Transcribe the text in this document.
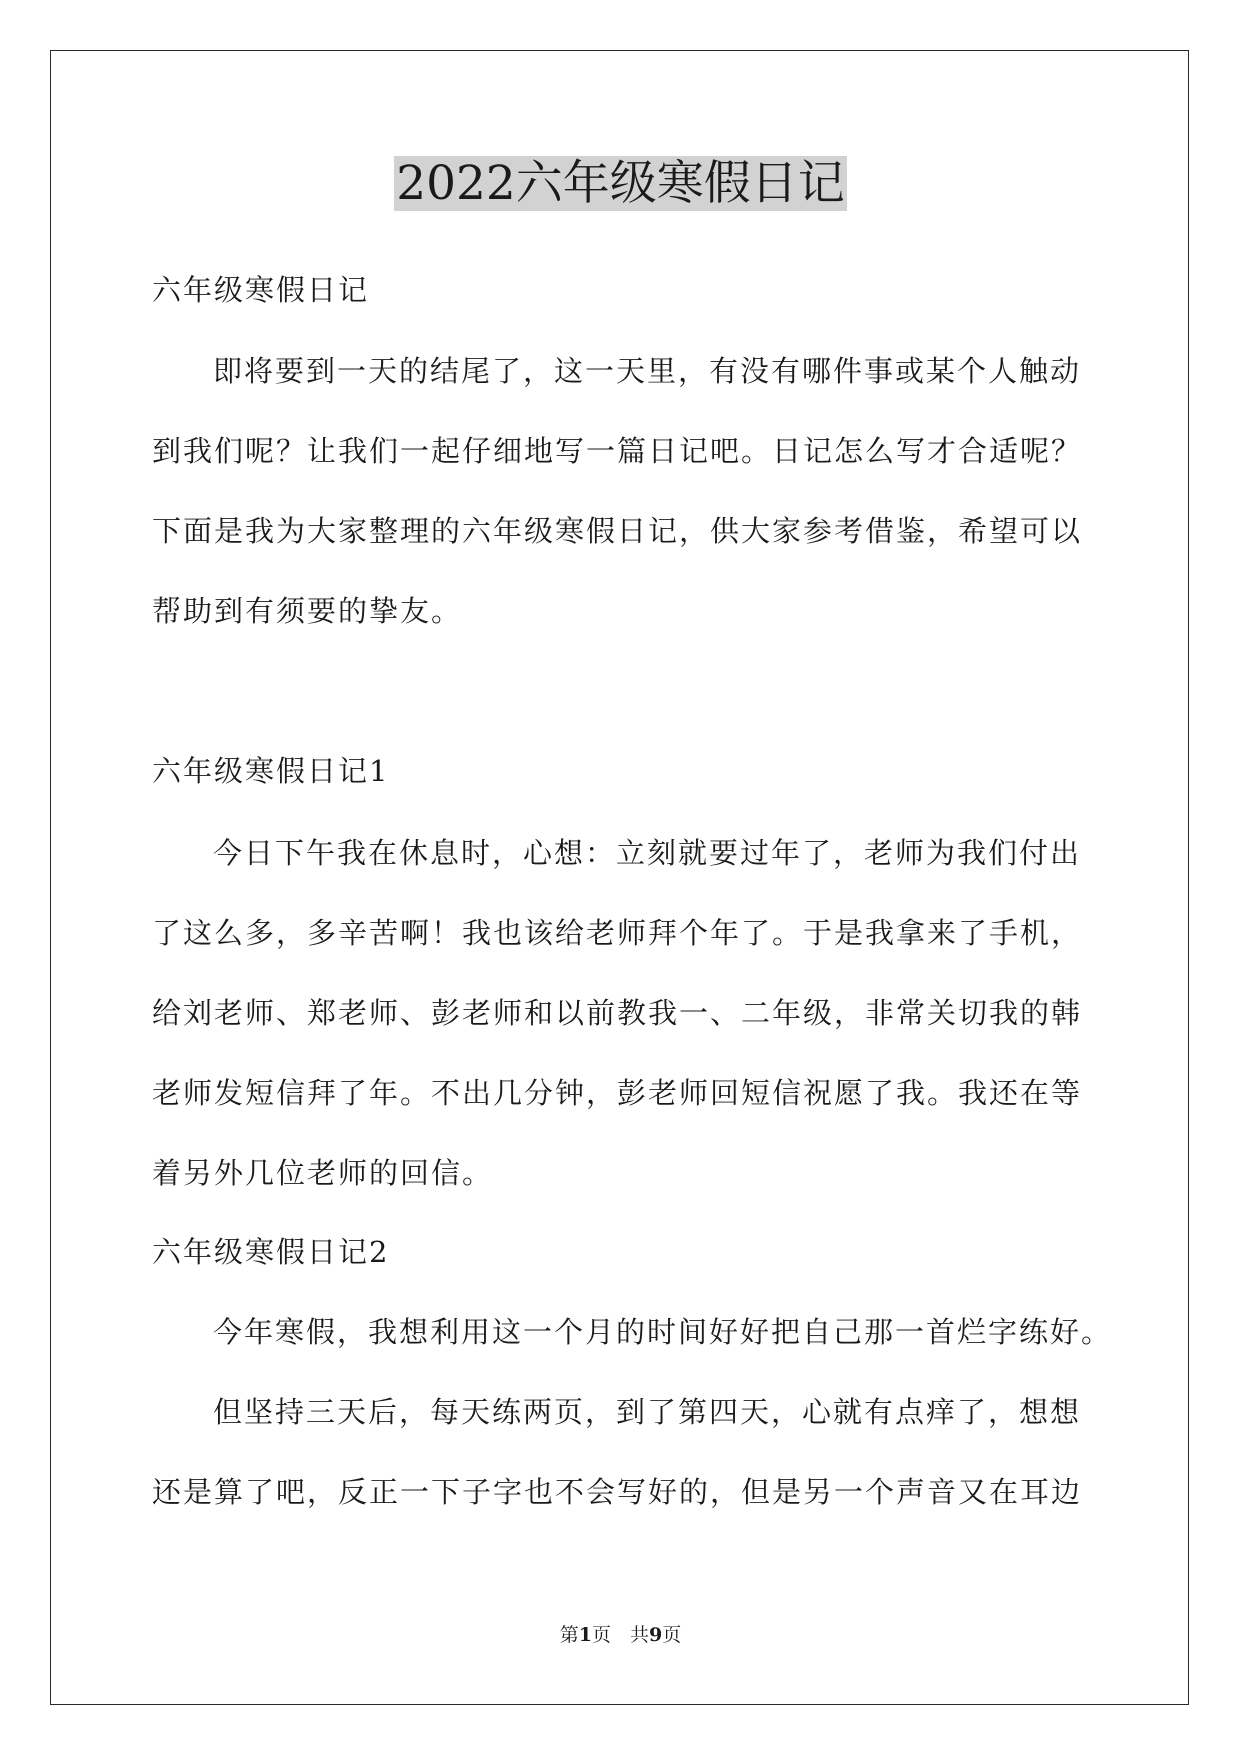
2022六年级寒假日记
六年级寒假日记
即将要到一天的结尾了，这一天里，有没有哪件事或某个人触动
到我们呢？让我们一起仔细地写一篇日记吧。日记怎么写才合适呢？
下面是我为大家整理的六年级寒假日记，供大家参考借鉴，希望可以
帮助到有须要的挚友。
六年级寒假日记1
今日下午我在休息时，心想：立刻就要过年了，老师为我们付出
了这么多，多辛苦啊！我也该给老师拜个年了。于是我拿来了手机，
给刘老师、郑老师、彭老师和以前教我一、二年级，非常关切我的韩
老师发短信拜了年。不出几分钟，彭老师回短信祝愿了我。我还在等
着另外几位老师的回信。
六年级寒假日记2
今年寒假，我想利用这一个月的时间好好把自己那一首烂字练好。
但坚持三天后，每天练两页，到了第四天，心就有点痒了，想想
还是算了吧，反正一下子字也不会写好的，但是另一个声音又在耳边
第1页　共9页
